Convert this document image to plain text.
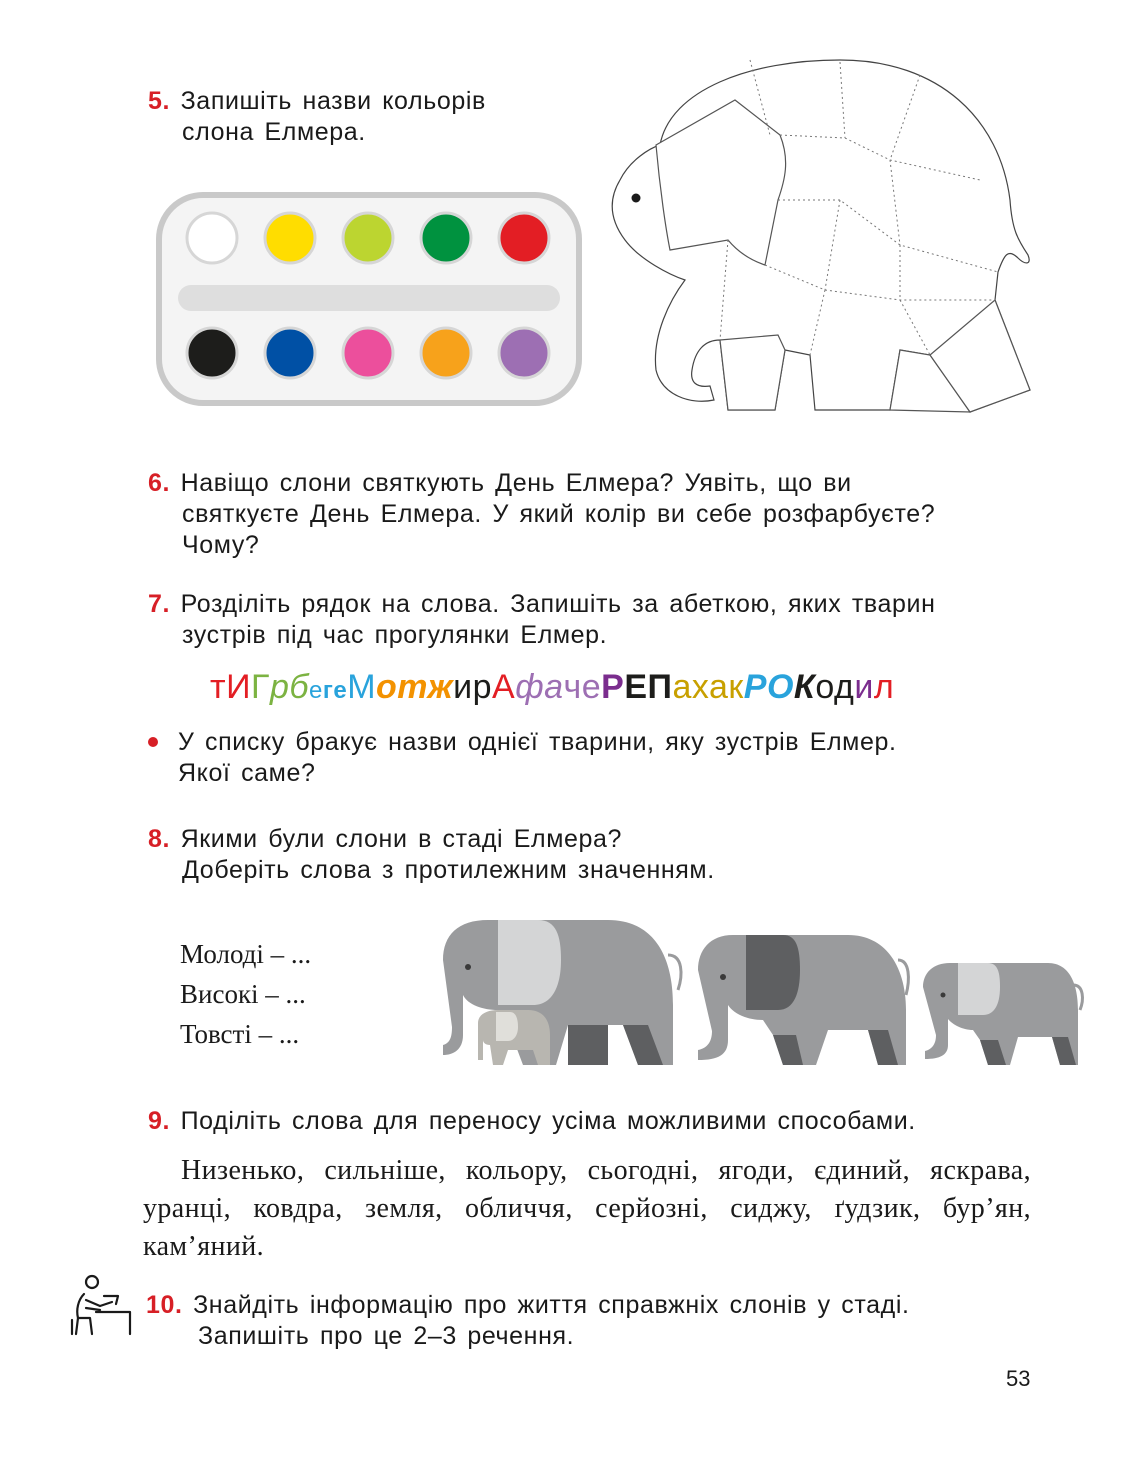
5. Запишіть назви кольорів
слона Елмера.
6. Навіщо слони святкують День Елмера? Уявіть, що ви
святкуєте День Елмера. У який колір ви себе розфарбуєте?
Чому?
7. Розділіть рядок на слова. Запишіть за абеткою, яких тварин
зустрів під час прогулянки Елмер.
тИГрбегеМотжирАфачеРЕПахакРОКодил
У списку бракує назви однієї тварини, яку зустрів Елмер.
Якої саме?
8. Якими були слони в стаді Елмера?
Доберіть слова з протилежним значенням.
Молоді – ...
Високі – ...
Товсті – ...
9. Поділіть слова для переносу усіма можливими способами.
Низенько, сильніше, кольору, сьогодні, ягоди, єдиний, яскрава, уранці, ковдра, земля, обличчя, серйозні, сиджу, ґудзик, бур’ян, кам’яний.
10. Знайдіть інформацію про життя справжніх слонів у стаді.
Запишіть про це 2–3 речення.
53
